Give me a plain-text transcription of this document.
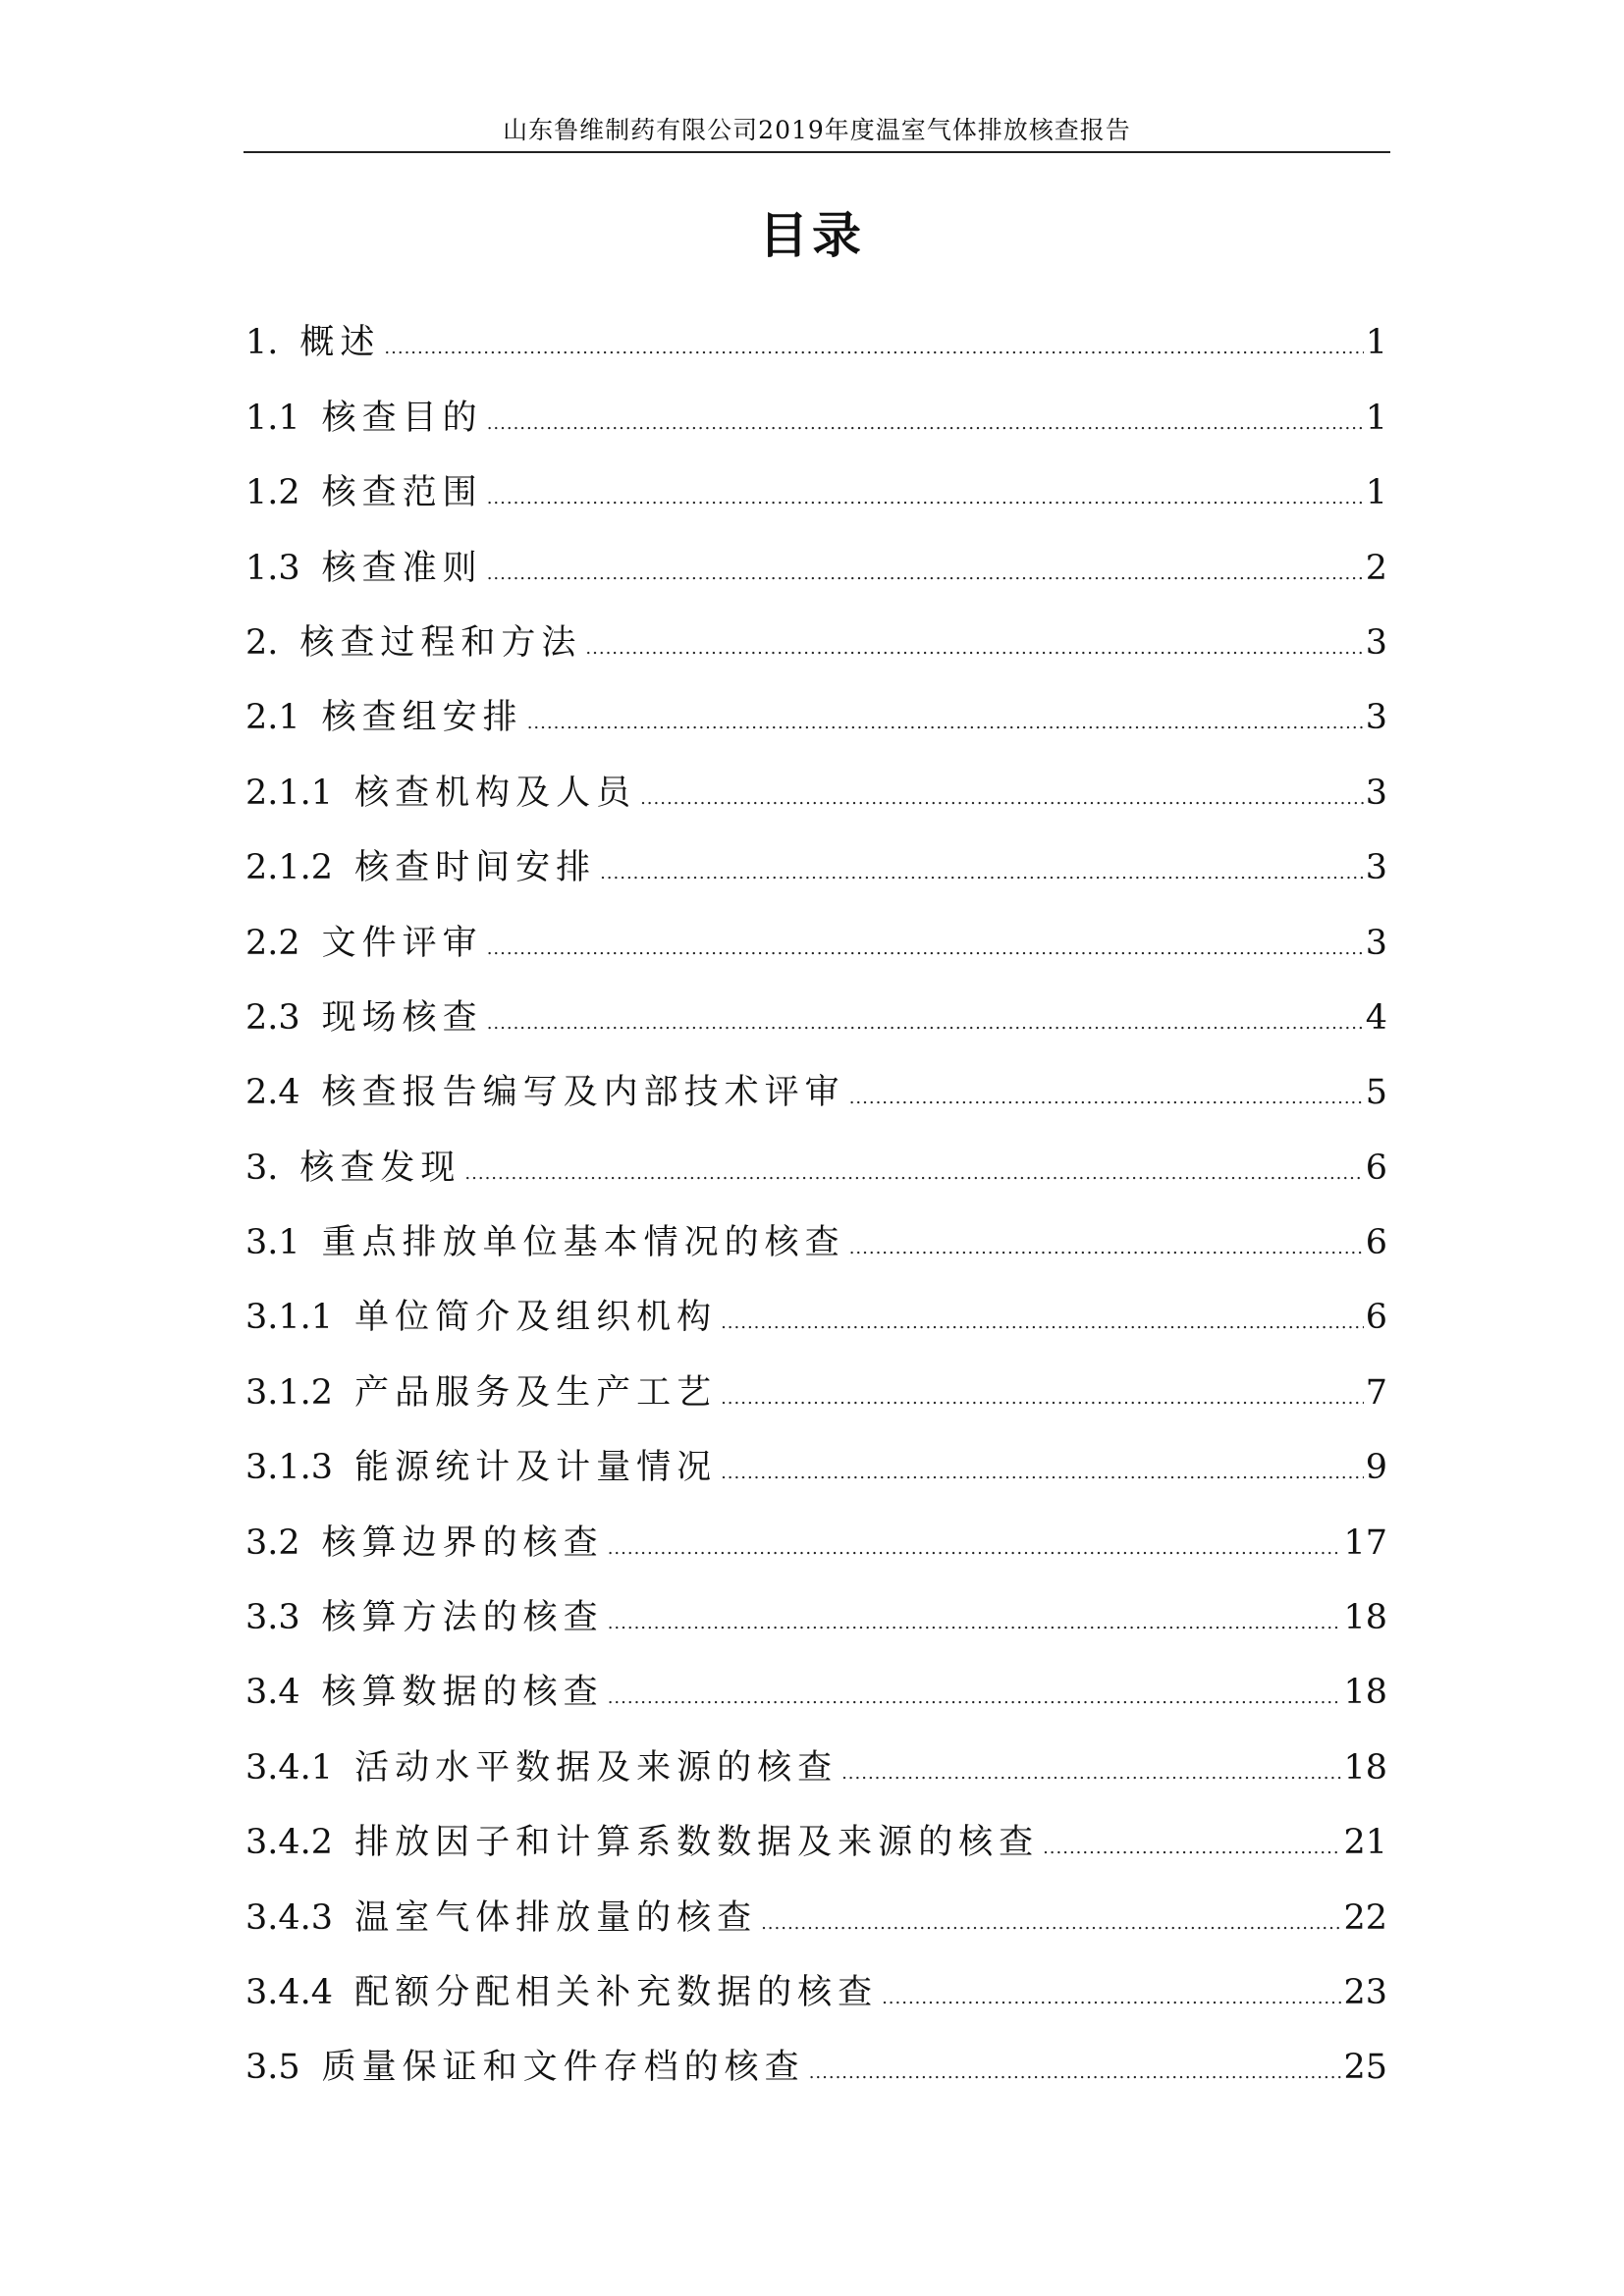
山东鲁维制药有限公司2019年度温室气体排放核查报告
目录
1. 概述 .....	1
1.1 核查目的 .....	1
1.2 核查范围 .....	1
1.3 核查准则 .....	2
2. 核查过程和方法 .....	3
2.1 核查组安排 .....	3
2.1.1 核查机构及人员 .....	3
2.1.2 核查时间安排 .....	3
2.2 文件评审 .....	3
2.3 现场核查 .....	4
2.4 核查报告编写及内部技术评审 .....	5
3. 核查发现 .....	6
3.1 重点排放单位基本情况的核查 .....	6
3.1.1 单位简介及组织机构 .....	6
3.1.2 产品服务及生产工艺 .....	7
3.1.3 能源统计及计量情况 .....	9
3.2 核算边界的核查 .....	17
3.3 核算方法的核查 .....	18
3.4 核算数据的核查 .....	18
3.4.1 活动水平数据及来源的核查 .....	18
3.4.2 排放因子和计算系数数据及来源的核查 .....	21
3.4.3 温室气体排放量的核查 .....	22
3.4.4 配额分配相关补充数据的核查 .....	23
3.5 质量保证和文件存档的核查 .....	25
